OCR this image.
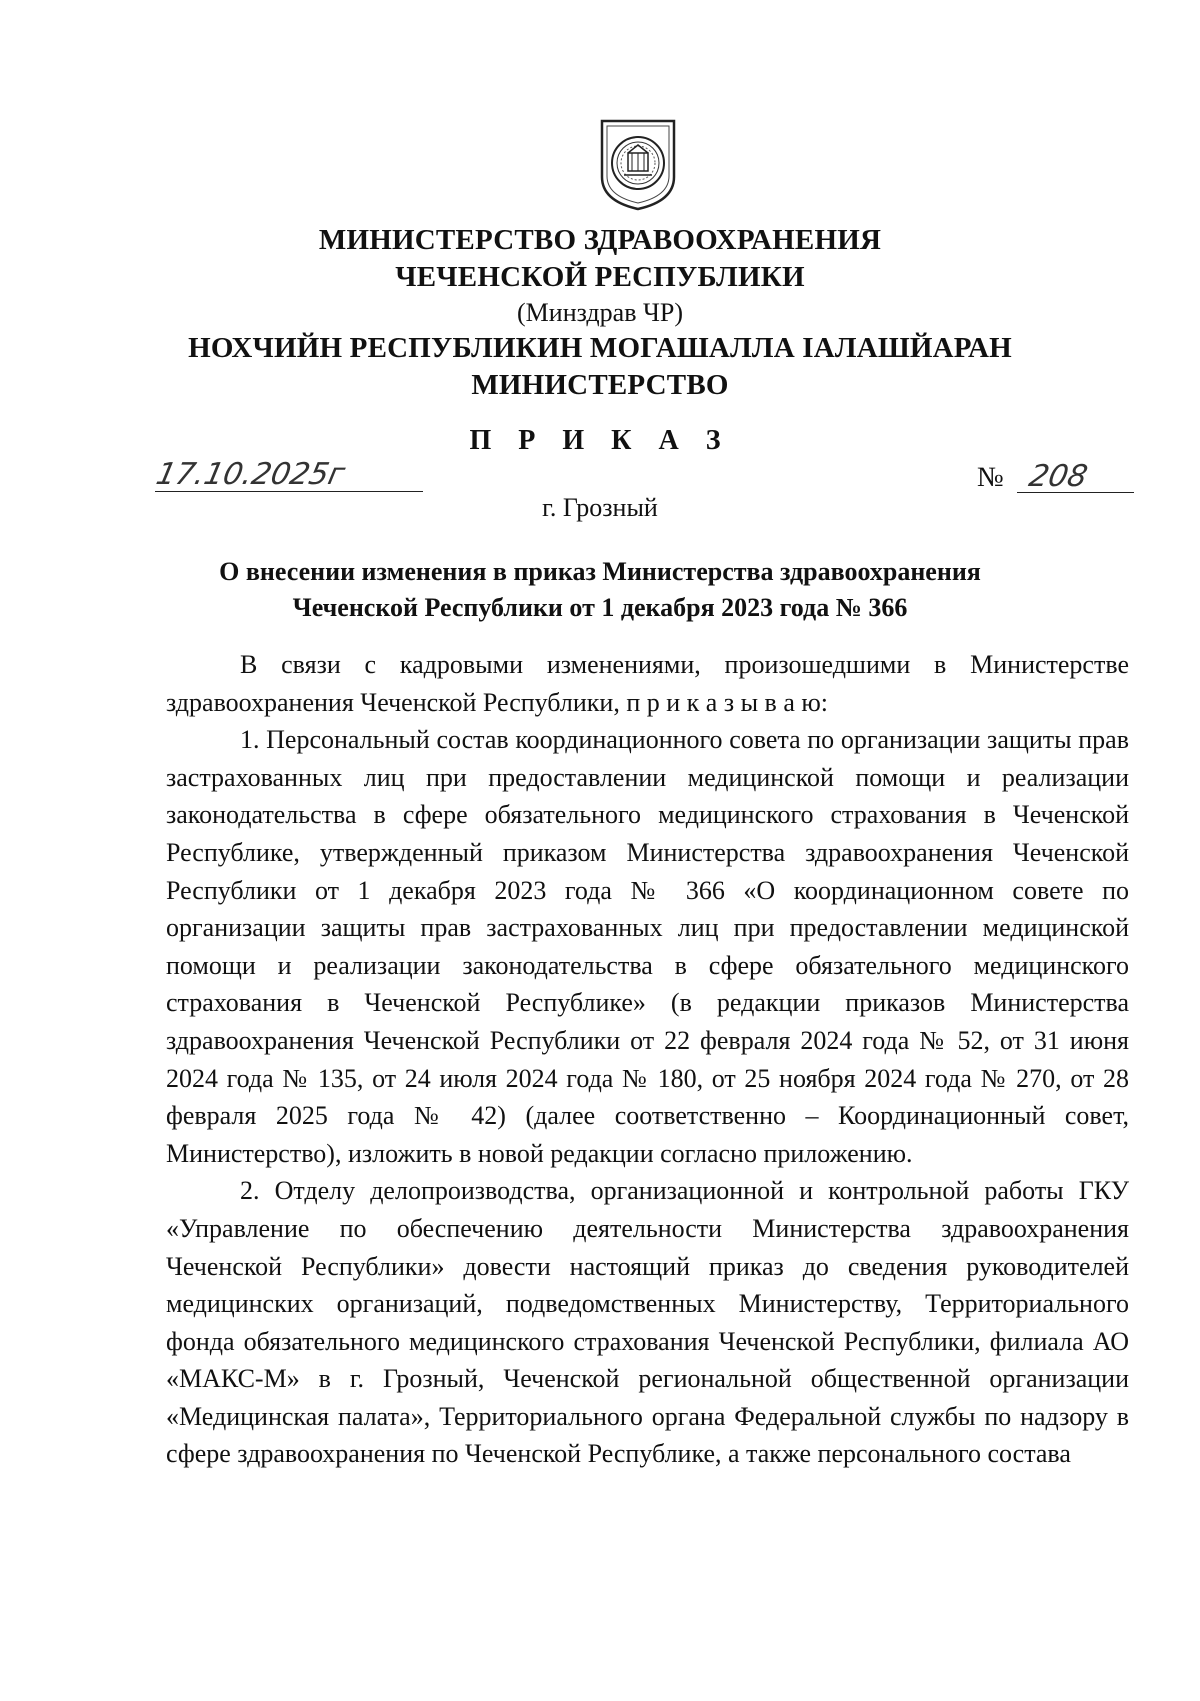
МИНИСТЕРСТВО ЗДРАВООХРАНЕНИЯ
ЧЕЧЕНСКОЙ РЕСПУБЛИКИ
(Минздрав ЧР)
НОХЧИЙН РЕСПУБЛИКИН МОГАШАЛЛА ІАЛАШЙАРАН
МИНИСТЕРСТВО
П Р И К А З
17.10.2025г	№ 208
г. Грозный
О внесении изменения в приказ Министерства здравоохранения
Чеченской Республики от 1 декабря 2023 года № 366

В связи с кадровыми изменениями, произошедшими в Министерстве здравоохранения Чеченской Республики, п р и к а з ы в а ю:

1. Персональный состав координационного совета по организации защиты прав застрахованных лиц при предоставлении медицинской помощи и реализации законодательства в сфере обязательного медицинского страхования в Чеченской Республике, утвержденный приказом Министерства здравоохранения Чеченской Республики от 1 декабря 2023 года № 366 «О координационном совете по организации защиты прав застрахованных лиц при предоставлении медицинской помощи и реализации законодательства в сфере обязательного медицинского страхования в Чеченской Республике» (в редакции приказов Министерства здравоохранения Чеченской Республики от 22 февраля 2024 года № 52, от 31 июня 2024 года № 135, от 24 июля 2024 года № 180, от 25 ноября 2024 года № 270, от 28 февраля 2025 года № 42) (далее соответственно – Координационный совет, Министерство), изложить в новой редакции согласно приложению.

2. Отделу делопроизводства, организационной и контрольной работы ГКУ «Управление по обеспечению деятельности Министерства здравоохранения Чеченской Республики» довести настоящий приказ до сведения руководителей медицинских организаций, подведомственных Министерству, Территориального фонда обязательного медицинского страхования Чеченской Республики, филиала АО «МАКС-М» в г. Грозный, Чеченской региональной общественной организации «Медицинская палата», Территориального органа Федеральной службы по надзору в сфере здравоохранения по Чеченской Республике, а также персонального состава
